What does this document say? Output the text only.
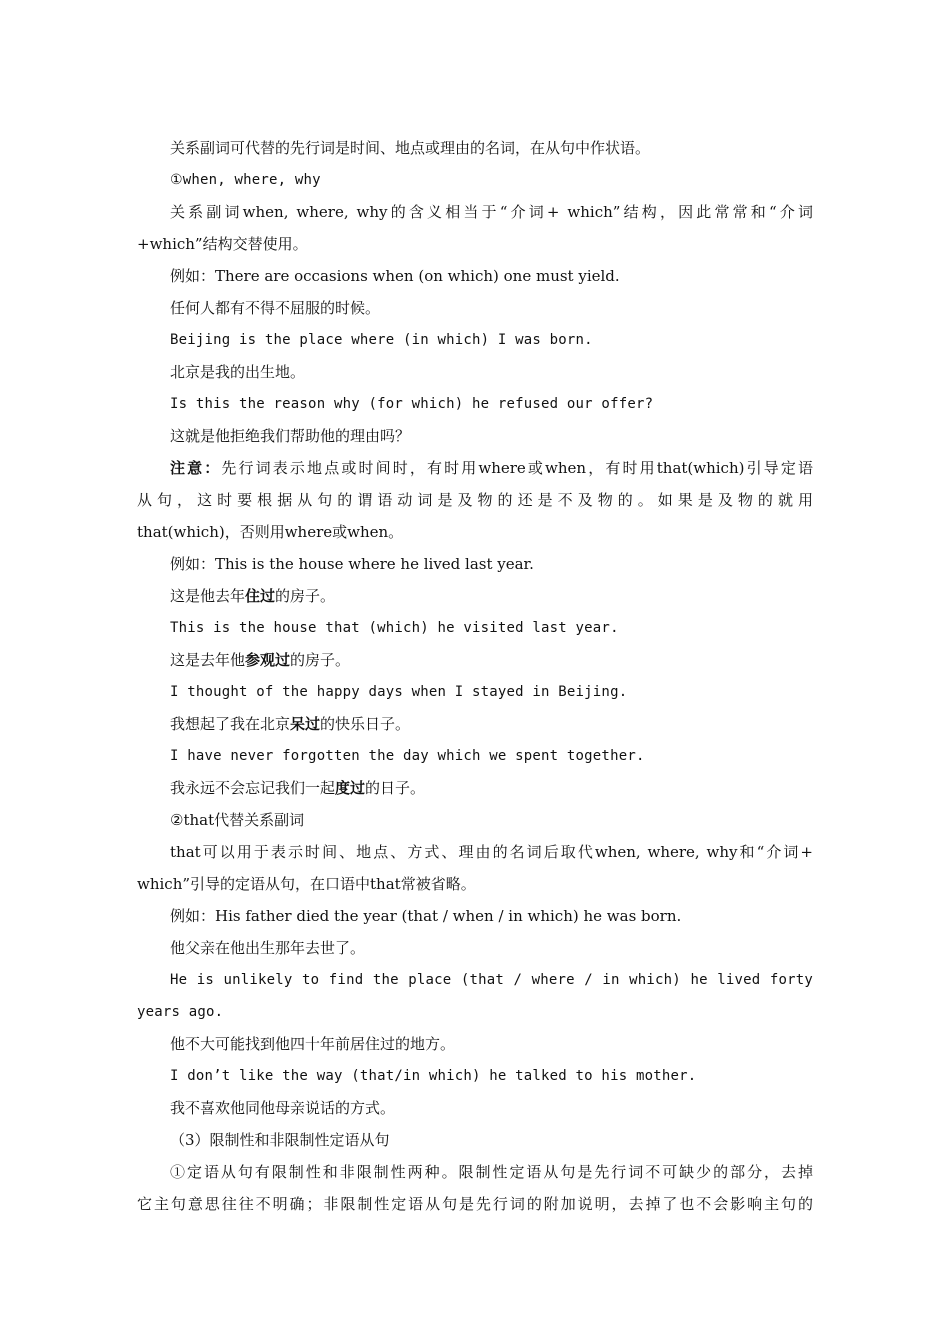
关系副词可代替的先行词是时间、地点或理由的名词，在从句中作状语。
①when, where, why
关系副词when, where, why的含义相当于“介词+ which”结构，因此常常和“介词
+which”结构交替使用。
例如：There are occasions when (on which) one must yield.
任何人都有不得不屈服的时候。
Beijing is the place where (in which) I was born.
北京是我的出生地。
Is this the reason why (for which) he refused our offer?
这就是他拒绝我们帮助他的理由吗？
注意：先行词表示地点或时间时，有时用where或when，有时用that(which)引导定语
从句，这时要根据从句的谓语动词是及物的还是不及物的。如果是及物的就用
that(which)，否则用where或when。
例如：This is the house where he lived last year.
这是他去年住过的房子。
This is the house that (which) he visited last year.
这是去年他参观过的房子。
I thought of the happy days when I stayed in Beijing.
我想起了我在北京呆过的快乐日子。
I have never forgotten the day which we spent together.
我永远不会忘记我们一起度过的日子。
②that代替关系副词
that可以用于表示时间、地点、方式、理由的名词后取代when, where, why和“介词+
which”引导的定语从句，在口语中that常被省略。
例如：His father died the year (that / when / in which) he was born.
他父亲在他出生那年去世了。
He is unlikely to find the place (that / where / in which) he lived forty
years ago.
他不大可能找到他四十年前居住过的地方。
I don’t like the way (that/in which) he talked to his mother.
我不喜欢他同他母亲说话的方式。
（3）限制性和非限制性定语从句
①定语从句有限制性和非限制性两种。限制性定语从句是先行词不可缺少的部分，去掉
它主句意思往往不明确；非限制性定语从句是先行词的附加说明，去掉了也不会影响主句的
